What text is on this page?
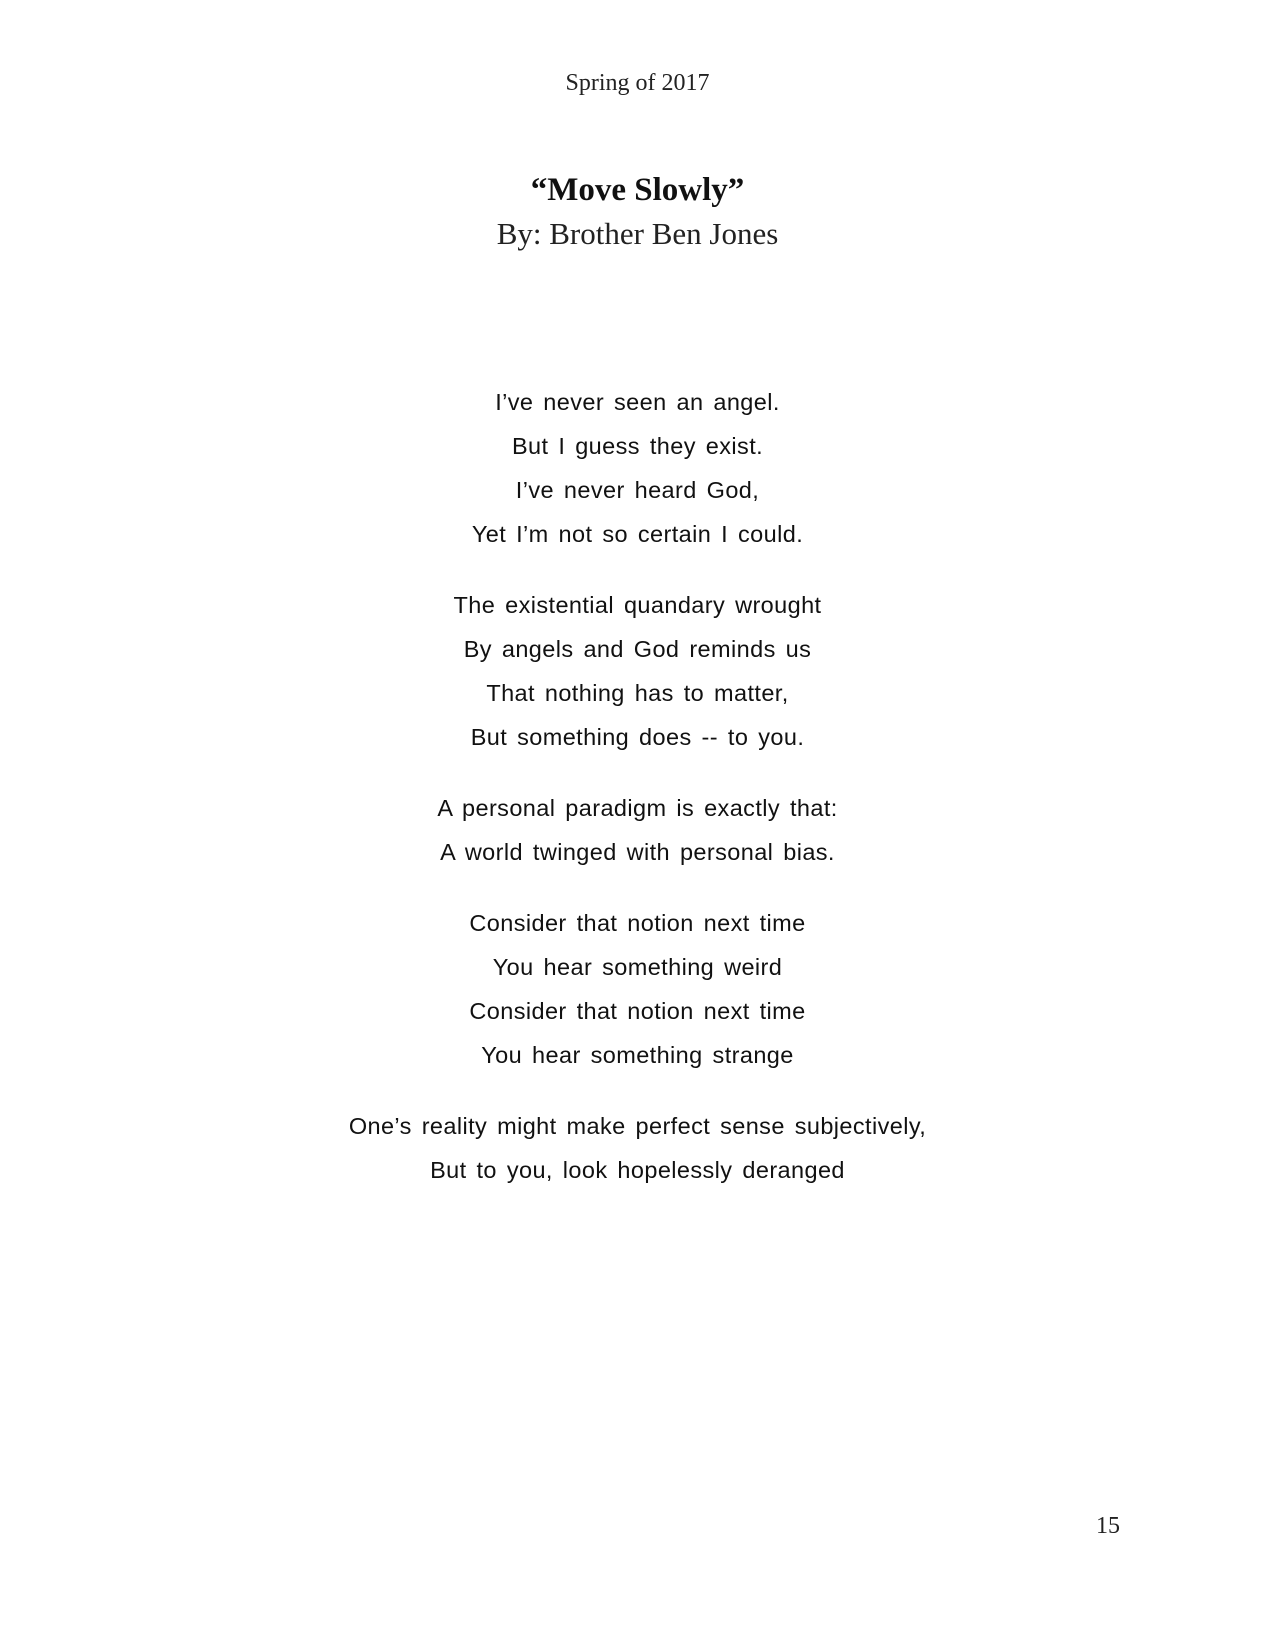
Spring of 2017
“Move Slowly”
By: Brother Ben Jones
I’ve never seen an angel.
But I guess they exist.
I’ve never heard God,
Yet I’m not so certain I could.
The existential quandary wrought
By angels and God reminds us
That nothing has to matter,
But something does -- to you.
A personal paradigm is exactly that:
A world twinged with personal bias.
Consider that notion next time
You hear something weird
Consider that notion next time
You hear something strange
One’s reality might make perfect sense subjectively,
But to you, look hopelessly deranged
15
